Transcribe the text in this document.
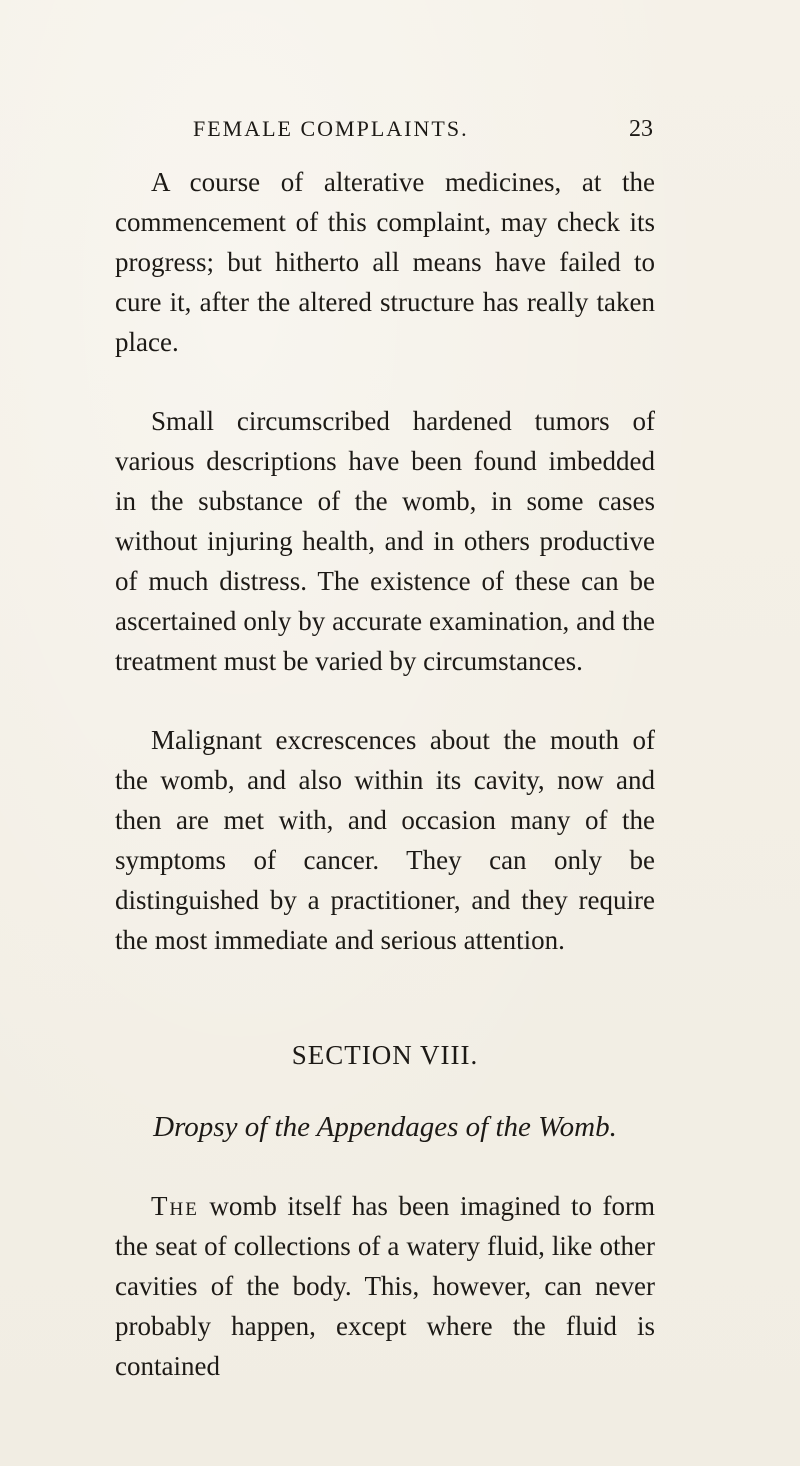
FEMALE COMPLAINTS.	23

A course of alterative medicines, at the commencement of this complaint, may check its progress; but hitherto all means have failed to cure it, after the altered structure has really taken place.

Small circumscribed hardened tumors of various descriptions have been found imbedded in the substance of the womb, in some cases without injuring health, and in others productive of much distress. The existence of these can be ascertained only by accurate examination, and the treatment must be varied by circumstances.

Malignant excrescences about the mouth of the womb, and also within its cavity, now and then are met with, and occasion many of the symptoms of cancer. They can only be distinguished by a practitioner, and they require the most immediate and serious attention.

SECTION VIII.
Dropsy of the Appendages of the Womb.

The womb itself has been imagined to form the seat of collections of a watery fluid, like other cavities of the body. This, however, can never probably happen, except where the fluid is contained
